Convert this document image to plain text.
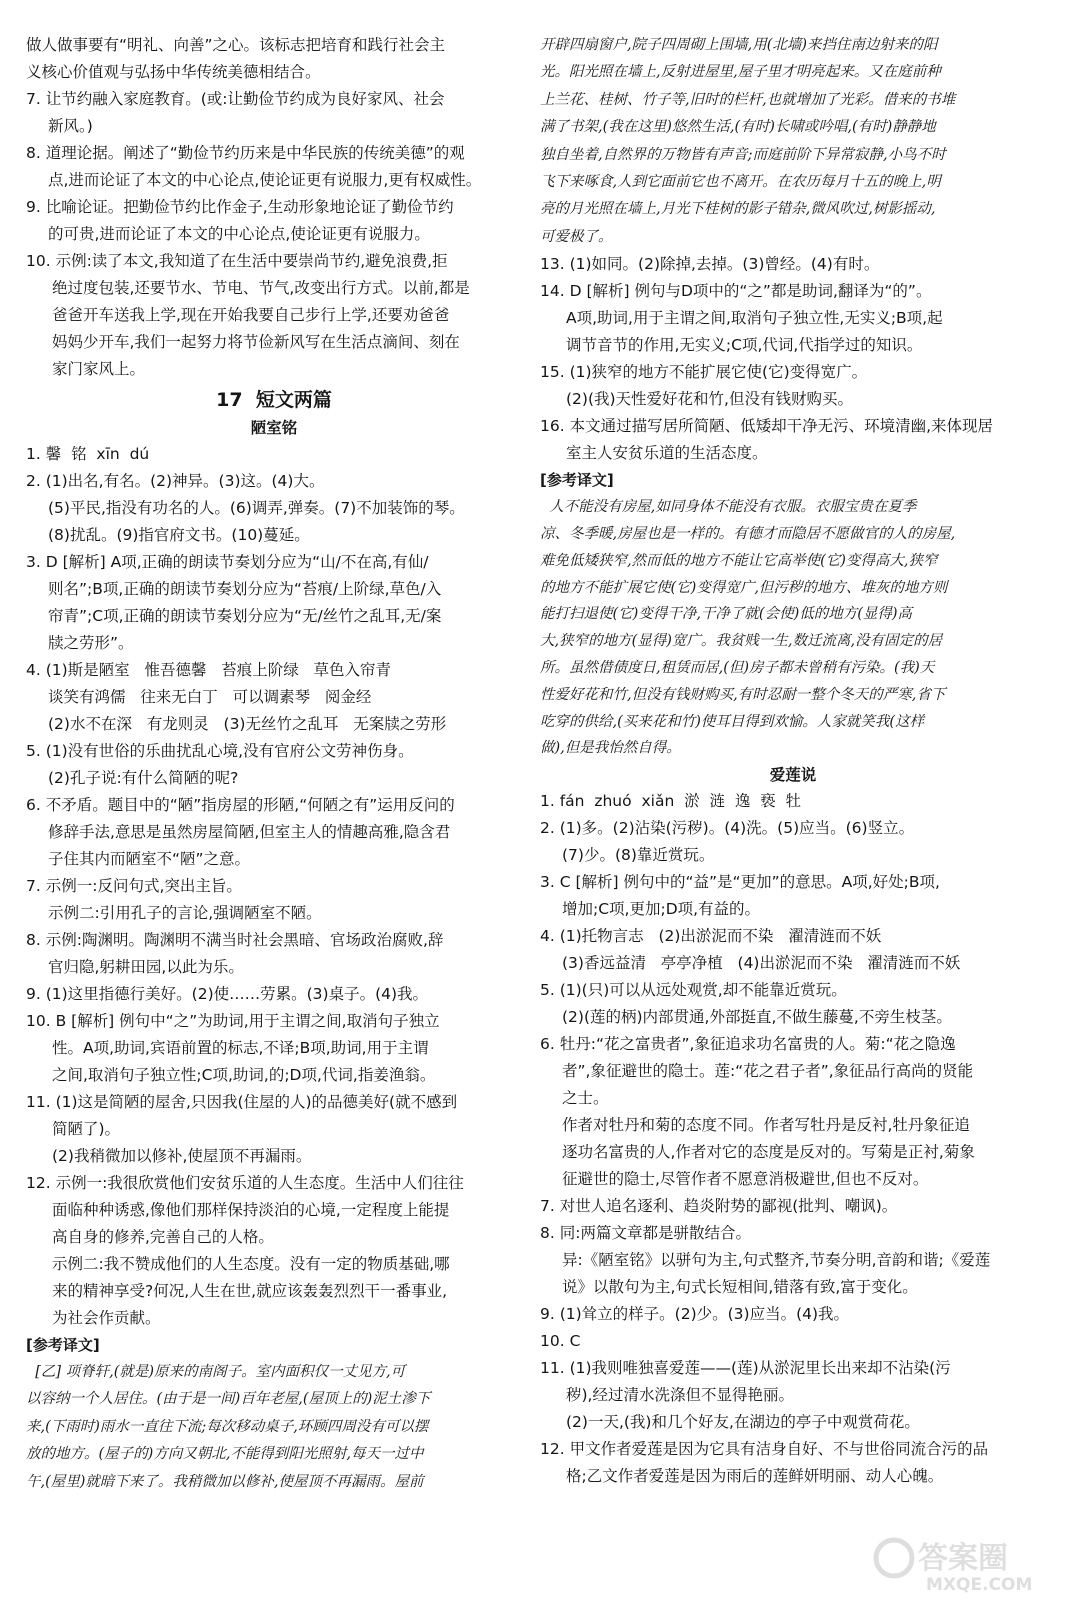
做人做事要有“明礼、向善”之心。该标志把培育和践行社会主
义核心价值观与弘扬中华传统美德相结合。
7. 让节约融入家庭教育。(或:让勤俭节约成为良好家风、社会
新风。)
8. 道理论据。阐述了“勤俭节约历来是中华民族的传统美德”的观
点,进而论证了本文的中心论点,使论证更有说服力,更有权威性。
9. 比喻论证。把勤俭节约比作金子,生动形象地论证了勤俭节约
的可贵,进而论证了本文的中心论点,使论证更有说服力。
10. 示例:读了本文,我知道了在生活中要崇尚节约,避免浪费,拒
绝过度包装,还要节水、节电、节气,改变出行方式。以前,都是
爸爸开车送我上学,现在开始我要自己步行上学,还要劝爸爸
妈妈少开车,我们一起努力将节俭新风写在生活点滴间、刻在
家门家风上。
17 短文两篇
陋室铭
1. 馨  铭  xīn  dú
2. (1)出名,有名。(2)神异。(3)这。(4)大。
(5)平民,指没有功名的人。(6)调弄,弹奏。(7)不加装饰的琴。
(8)扰乱。(9)指官府文书。(10)蔓延。
3. D [解析] A项,正确的朗读节奏划分应为“山/不在高,有仙/
则名”;B项,正确的朗读节奏划分应为“苔痕/上阶绿,草色/入
帘青”;C项,正确的朗读节奏划分应为“无/丝竹之乱耳,无/案
牍之劳形”。
4. (1)斯是陋室   惟吾德馨   苔痕上阶绿   草色入帘青
谈笑有鸿儒   往来无白丁   可以调素琴   阅金经
(2)水不在深   有龙则灵   (3)无丝竹之乱耳   无案牍之劳形
5. (1)没有世俗的乐曲扰乱心境,没有官府公文劳神伤身。
(2)孔子说:有什么简陋的呢?
6. 不矛盾。题目中的“陋”指房屋的形陋,“何陋之有”运用反问的
修辞手法,意思是虽然房屋简陋,但室主人的情趣高雅,隐含君
子住其内而陋室不“陋”之意。
7. 示例一:反问句式,突出主旨。
示例二:引用孔子的言论,强调陋室不陋。
8. 示例:陶渊明。陶渊明不满当时社会黑暗、官场政治腐败,辞
官归隐,躬耕田园,以此为乐。
9. (1)这里指德行美好。(2)使……劳累。(3)桌子。(4)我。
10. B [解析] 例句中“之”为助词,用于主谓之间,取消句子独立
性。A项,助词,宾语前置的标志,不译;B项,助词,用于主谓
之间,取消句子独立性;C项,助词,的;D项,代词,指姜渔翁。
11. (1)这是简陋的屋舍,只因我(住屋的人)的品德美好(就不感到
简陋了)。
(2)我稍微加以修补,使屋顶不再漏雨。
12. 示例一:我很欣赏他们安贫乐道的人生态度。生活中人们往往
面临种种诱惑,像他们那样保持淡泊的心境,一定程度上能提
高自身的修养,完善自己的人格。
示例二:我不赞成他们的人生态度。没有一定的物质基础,哪
来的精神享受?何况,人生在世,就应该轰轰烈烈干一番事业,
为社会作贡献。
[参考译文]
[乙] 项脊轩,(就是)原来的南阁子。室内面积仅一丈见方,可
以容纳一个人居住。(由于是一间)百年老屋,(屋顶上的)泥土渗下
来,(下雨时)雨水一直往下流;每次移动桌子,环顾四周没有可以摆
放的地方。(屋子的)方向又朝北,不能得到阳光照射,每天一过中
午,(屋里)就暗下来了。我稍微加以修补,使屋顶不再漏雨。屋前
开辟四扇窗户,院子四周砌上围墙,用(北墙)来挡住南边射来的阳
光。阳光照在墙上,反射进屋里,屋子里才明亮起来。又在庭前种
上兰花、桂树、竹子等,旧时的栏杆,也就增加了光彩。借来的书堆
满了书架,(我在这里)悠然生活,(有时)长啸或吟唱,(有时)静静地
独自坐着,自然界的万物皆有声音;而庭前阶下异常寂静,小鸟不时
飞下来啄食,人到它面前它也不离开。在农历每月十五的晚上,明
亮的月光照在墙上,月光下桂树的影子错杂,微风吹过,树影摇动,
可爱极了。
13. (1)如同。(2)除掉,去掉。(3)曾经。(4)有时。
14. D [解析] 例句与D项中的“之”都是助词,翻译为“的”。
A项,助词,用于主谓之间,取消句子独立性,无实义;B项,起
调节音节的作用,无实义;C项,代词,代指学过的知识。
15. (1)狭窄的地方不能扩展它使(它)变得宽广。
(2)(我)天性爱好花和竹,但没有钱财购买。
16. 本文通过描写居所简陋、低矮却干净无污、环境清幽,来体现居
室主人安贫乐道的生活态度。
[参考译文]
人不能没有房屋,如同身体不能没有衣服。衣服宝贵在夏季
凉、冬季暖,房屋也是一样的。有德才而隐居不愿做官的人的房屋,
难免低矮狭窄,然而低的地方不能让它高举使(它)变得高大,狭窄
的地方不能扩展它使(它)变得宽广,但污秽的地方、堆灰的地方则
能打扫退使(它)变得干净,干净了就(会使)低的地方(显得)高
大,狭窄的地方(显得)宽广。我贫贱一生,数迁流离,没有固定的居
所。虽然借债度日,租赁而居,(但)房子都未曾稍有污染。(我)天
性爱好花和竹,但没有钱财购买,有时忍耐一整个冬天的严寒,省下
吃穿的供给,(买来花和竹)使耳目得到欢愉。人家就笑我(这样
做),但是我怡然自得。
爱莲说
1. fán  zhuó  xiǎn  淤  涟  逸  亵  牡
2. (1)多。(2)沾染(污秽)。(4)洗。(5)应当。(6)竖立。
(7)少。(8)靠近赏玩。
3. C [解析] 例句中的“益”是“更加”的意思。A项,好处;B项,
增加;C项,更加;D项,有益的。
4. (1)托物言志   (2)出淤泥而不染   濯清涟而不妖
(3)香远益清   亭亭净植   (4)出淤泥而不染   濯清涟而不妖
5. (1)(只)可以从远处观赏,却不能靠近赏玩。
(2)(莲的柄)内部贯通,外部挺直,不做生藤蔓,不旁生枝茎。
6. 牡丹:“花之富贵者”,象征追求功名富贵的人。菊:“花之隐逸
者”,象征避世的隐士。莲:“花之君子者”,象征品行高尚的贤能
之士。
作者对牡丹和菊的态度不同。作者写牡丹是反衬,牡丹象征追
逐功名富贵的人,作者对它的态度是反对的。写菊是正衬,菊象
征避世的隐士,尽管作者不愿意消极避世,但也不反对。
7. 对世人追名逐利、趋炎附势的鄙视(批判、嘲讽)。
8. 同:两篇文章都是骈散结合。
异:《陋室铭》以骈句为主,句式整齐,节奏分明,音韵和谐;《爱莲
说》以散句为主,句式长短相间,错落有致,富于变化。
9. (1)耸立的样子。(2)少。(3)应当。(4)我。
10. C
11. (1)我则唯独喜爱莲——(莲)从淤泥里长出来却不沾染(污
秽),经过清水洗涤但不显得艳丽。
(2)一天,(我)和几个好友,在湖边的亭子中观赏荷花。
12. 甲文作者爱莲是因为它具有洁身自好、不与世俗同流合污的品
格;乙文作者爱莲是因为雨后的莲鲜妍明丽、动人心魄。
答案圈
MXQE.COM
